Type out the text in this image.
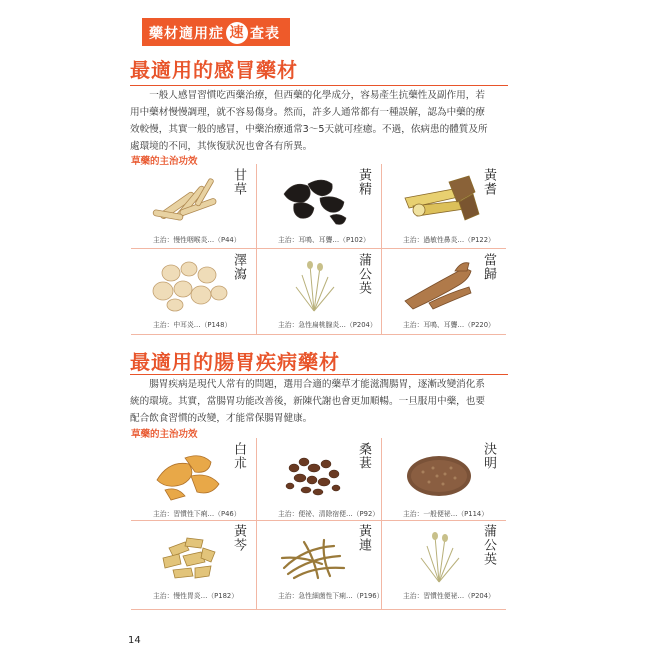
藥材適用症 速 查表
最適用的感冒藥材
一般人感冒習慣吃西藥治療，但西藥的化學成分，容易產生抗藥性及副作用，若
用中藥材慢慢調理，就不容易傷身。然而，許多人通常都有一種誤解，認為中藥的療
效較慢，其實一般的感冒，中藥治療通常3～5天就可痊癒。不過，依病患的體質及所
處環境的不同，其恢復狀況也會各有所異。
草藥的主治功效
甘草
主治：慢性咽喉炎…（P44）
黃精
主治：耳鳴、耳聾…（P102）
黃耆
主治：過敏性鼻炎…（P122）
澤瀉
主治：中耳炎…（P148）
蒲公英
主治：急性扁桃腺炎…（P204）
當歸
主治：耳鳴、耳聾…（P220）
最適用的腸胃疾病藥材
腸胃疾病是現代人常有的問題，選用合適的藥草才能滋潤腸胃，逐漸改變消化系
統的環境。其實，當腸胃功能改善後，新陳代謝也會更加順暢。一旦服用中藥，也要
配合飲食習慣的改變，才能常保腸胃健康。
草藥的主治功效
白朮
主治：習慣性下痢…（P46）
桑葚
主治：便祕、清除宿便…（P92）
決明
主治：一般便祕…（P114）
黃芩
主治：慢性胃炎…（P182）
黃連
主治：急性細菌性下痢…（P196）
蒲公英
主治：習慣性便祕…（P204）
14
